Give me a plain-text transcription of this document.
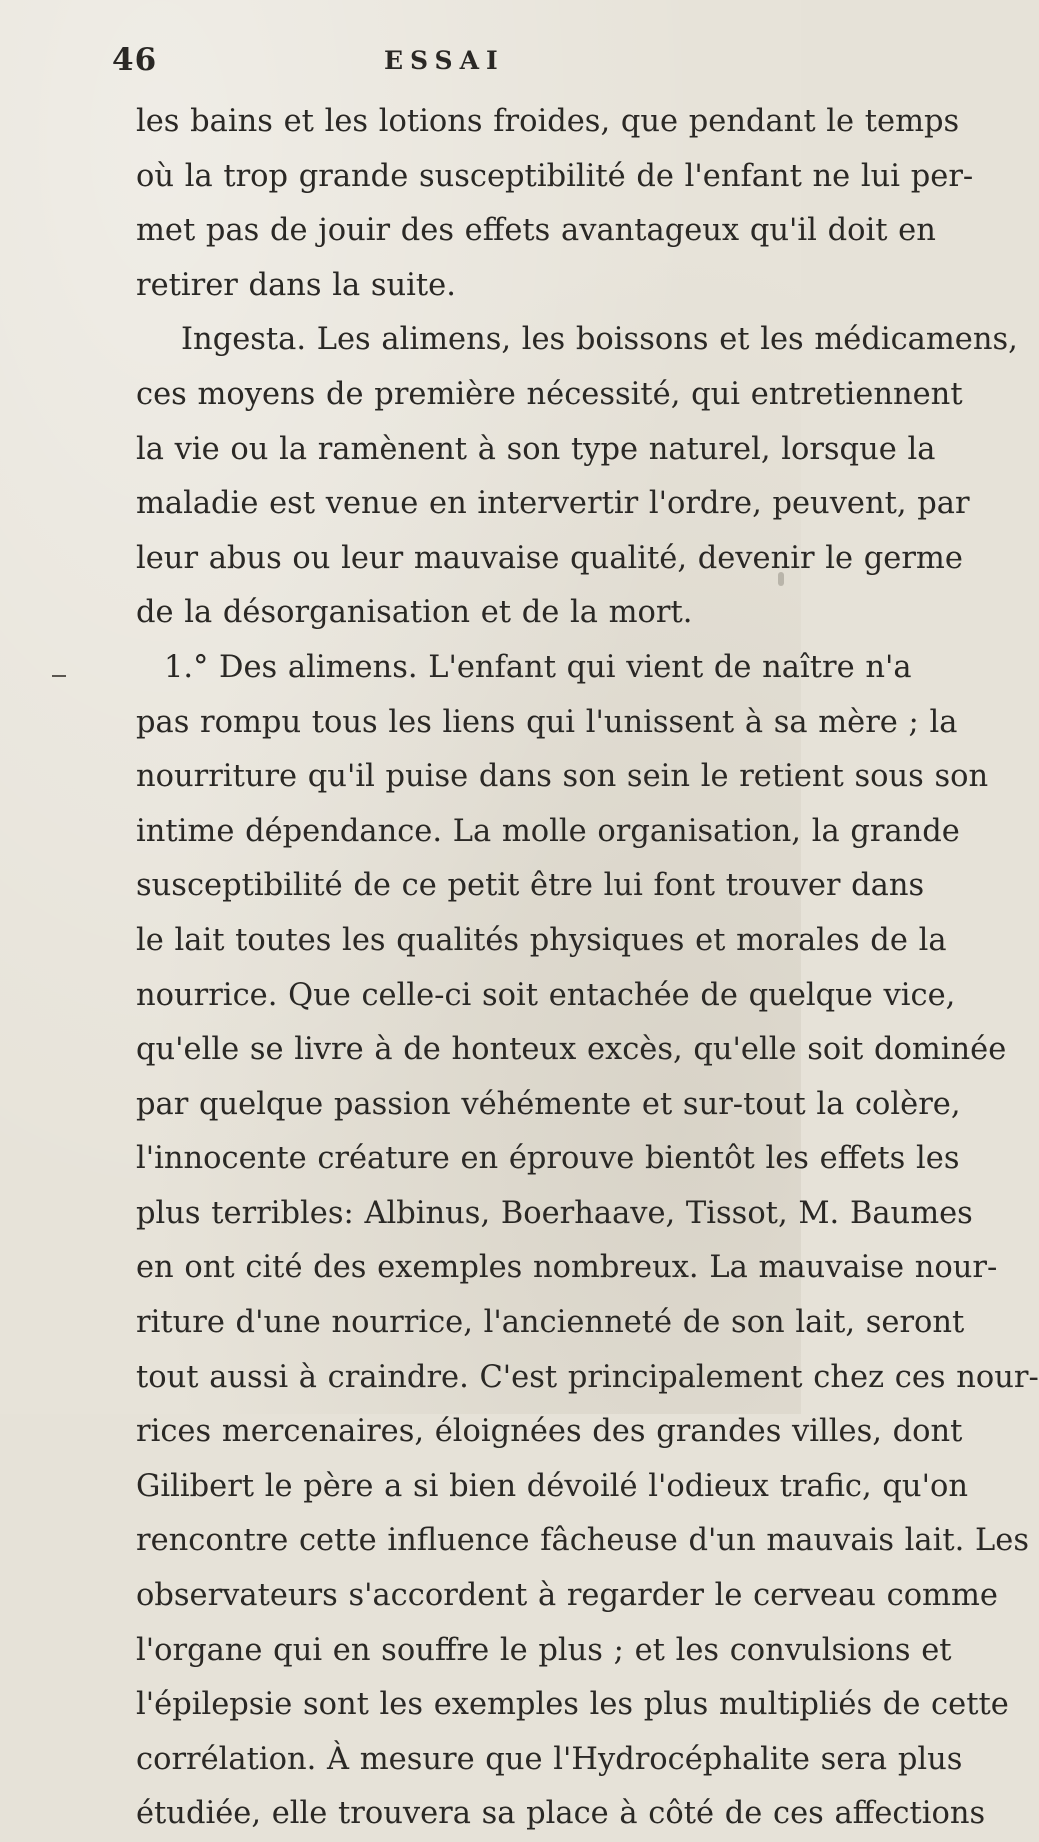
46	ESSAI
les bains et les lotions froides, que pendant le temps
où la trop grande susceptibilité de l'enfant ne lui per-
met pas de jouir des effets avantageux qu'il doit en
retirer dans la suite.
Ingesta. Les alimens, les boissons et les médicamens,
ces moyens de première nécessité, qui entretiennent
la vie ou la ramènent à son type naturel, lorsque la
maladie est venue en intervertir l'ordre, peuvent, par
leur abus ou leur mauvaise qualité, devenir le germe
de la désorganisation et de la mort.
1.° Des alimens. L'enfant qui vient de naître n'a
pas rompu tous les liens qui l'unissent à sa mère ; la
nourriture qu'il puise dans son sein le retient sous son
intime dépendance. La molle organisation, la grande
susceptibilité de ce petit être lui font trouver dans
le lait toutes les qualités physiques et morales de la
nourrice. Que celle-ci soit entachée de quelque vice,
qu'elle se livre à de honteux excès, qu'elle soit dominée
par quelque passion véhémente et sur-tout la colère,
l'innocente créature en éprouve bientôt les effets les
plus terribles: Albinus, Boerhaave, Tissot, M. Baumes
en ont cité des exemples nombreux. La mauvaise nour-
riture d'une nourrice, l'ancienneté de son lait, seront
tout aussi à craindre. C'est principalement chez ces nour-
rices mercenaires, éloignées des grandes villes, dont
Gilibert le père a si bien dévoilé l'odieux trafic, qu'on
rencontre cette influence fâcheuse d'un mauvais lait. Les
observateurs s'accordent à regarder le cerveau comme
l'organe qui en souffre le plus ; et les convulsions et
l'épilepsie sont les exemples les plus multipliés de cette
corrélation. À mesure que l'Hydrocéphalite sera plus
étudiée, elle trouvera sa place à côté de ces affections
